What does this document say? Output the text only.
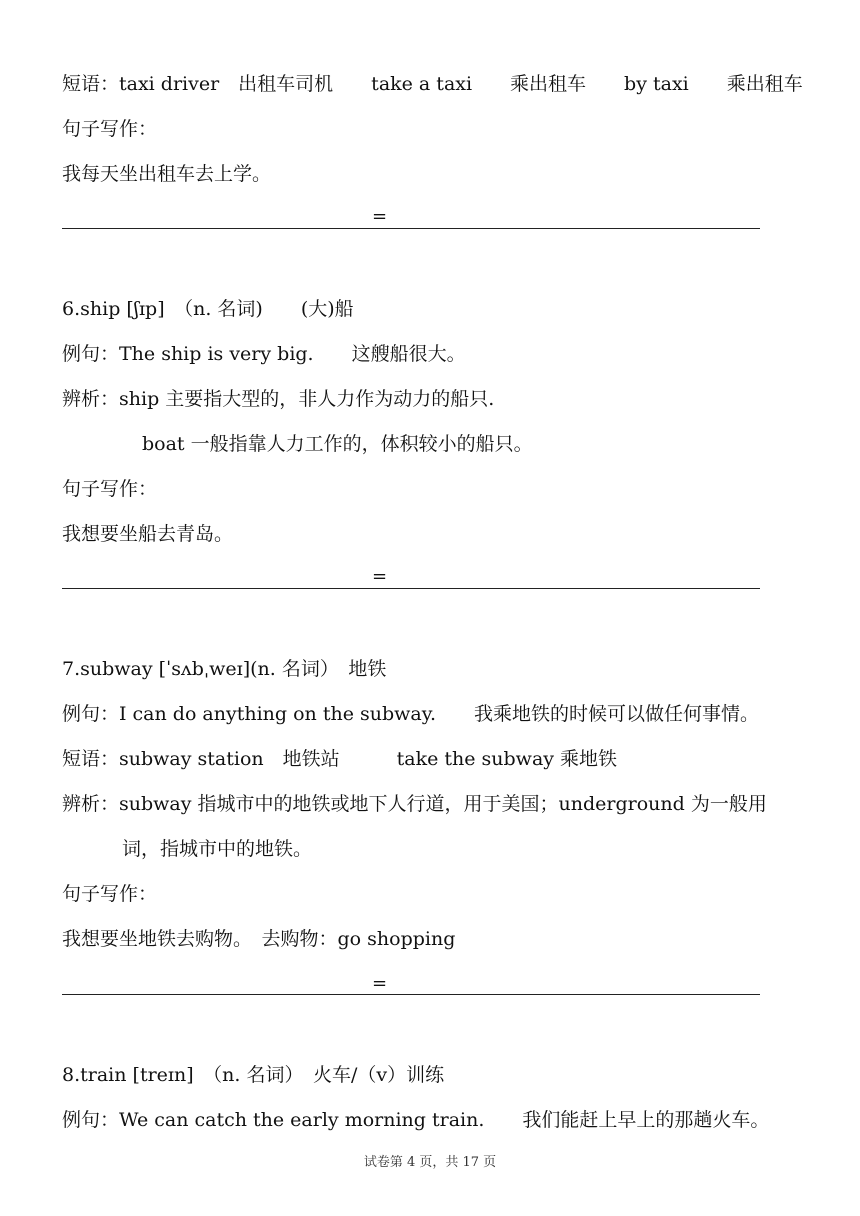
短语：taxi driver　出租车司机　　take a taxi　　乘出租车　　by taxi　　乘出租车
句子写作：
我每天坐出租车去上学。
=
6.ship [ʃɪp]　（n. 名词)　　(大)船
例句：The ship is very big.　　这艘船很大。
辨析：ship 主要指大型的，非人力作为动力的船只.
boat 一般指靠人力工作的，体积较小的船只。
句子写作：
我想要坐船去青岛。
=
7.subway [ˈsʌbˌweɪ](n. 名词）　地铁
例句：I can do anything on the subway.　　我乘地铁的时候可以做任何事情。
短语：subway station　地铁站　　　take the subway 乘地铁
辨析：subway 指城市中的地铁或地下人行道，用于美国；underground 为一般用
词，指城市中的地铁。
句子写作：
我想要坐地铁去购物。　去购物：go shopping
=
8.train [treɪn]　（n. 名词）　火车/（v）训练
例句：We can catch the early morning train.　　我们能赶上早上的那趟火车。
试卷第 4 页，共 17 页
